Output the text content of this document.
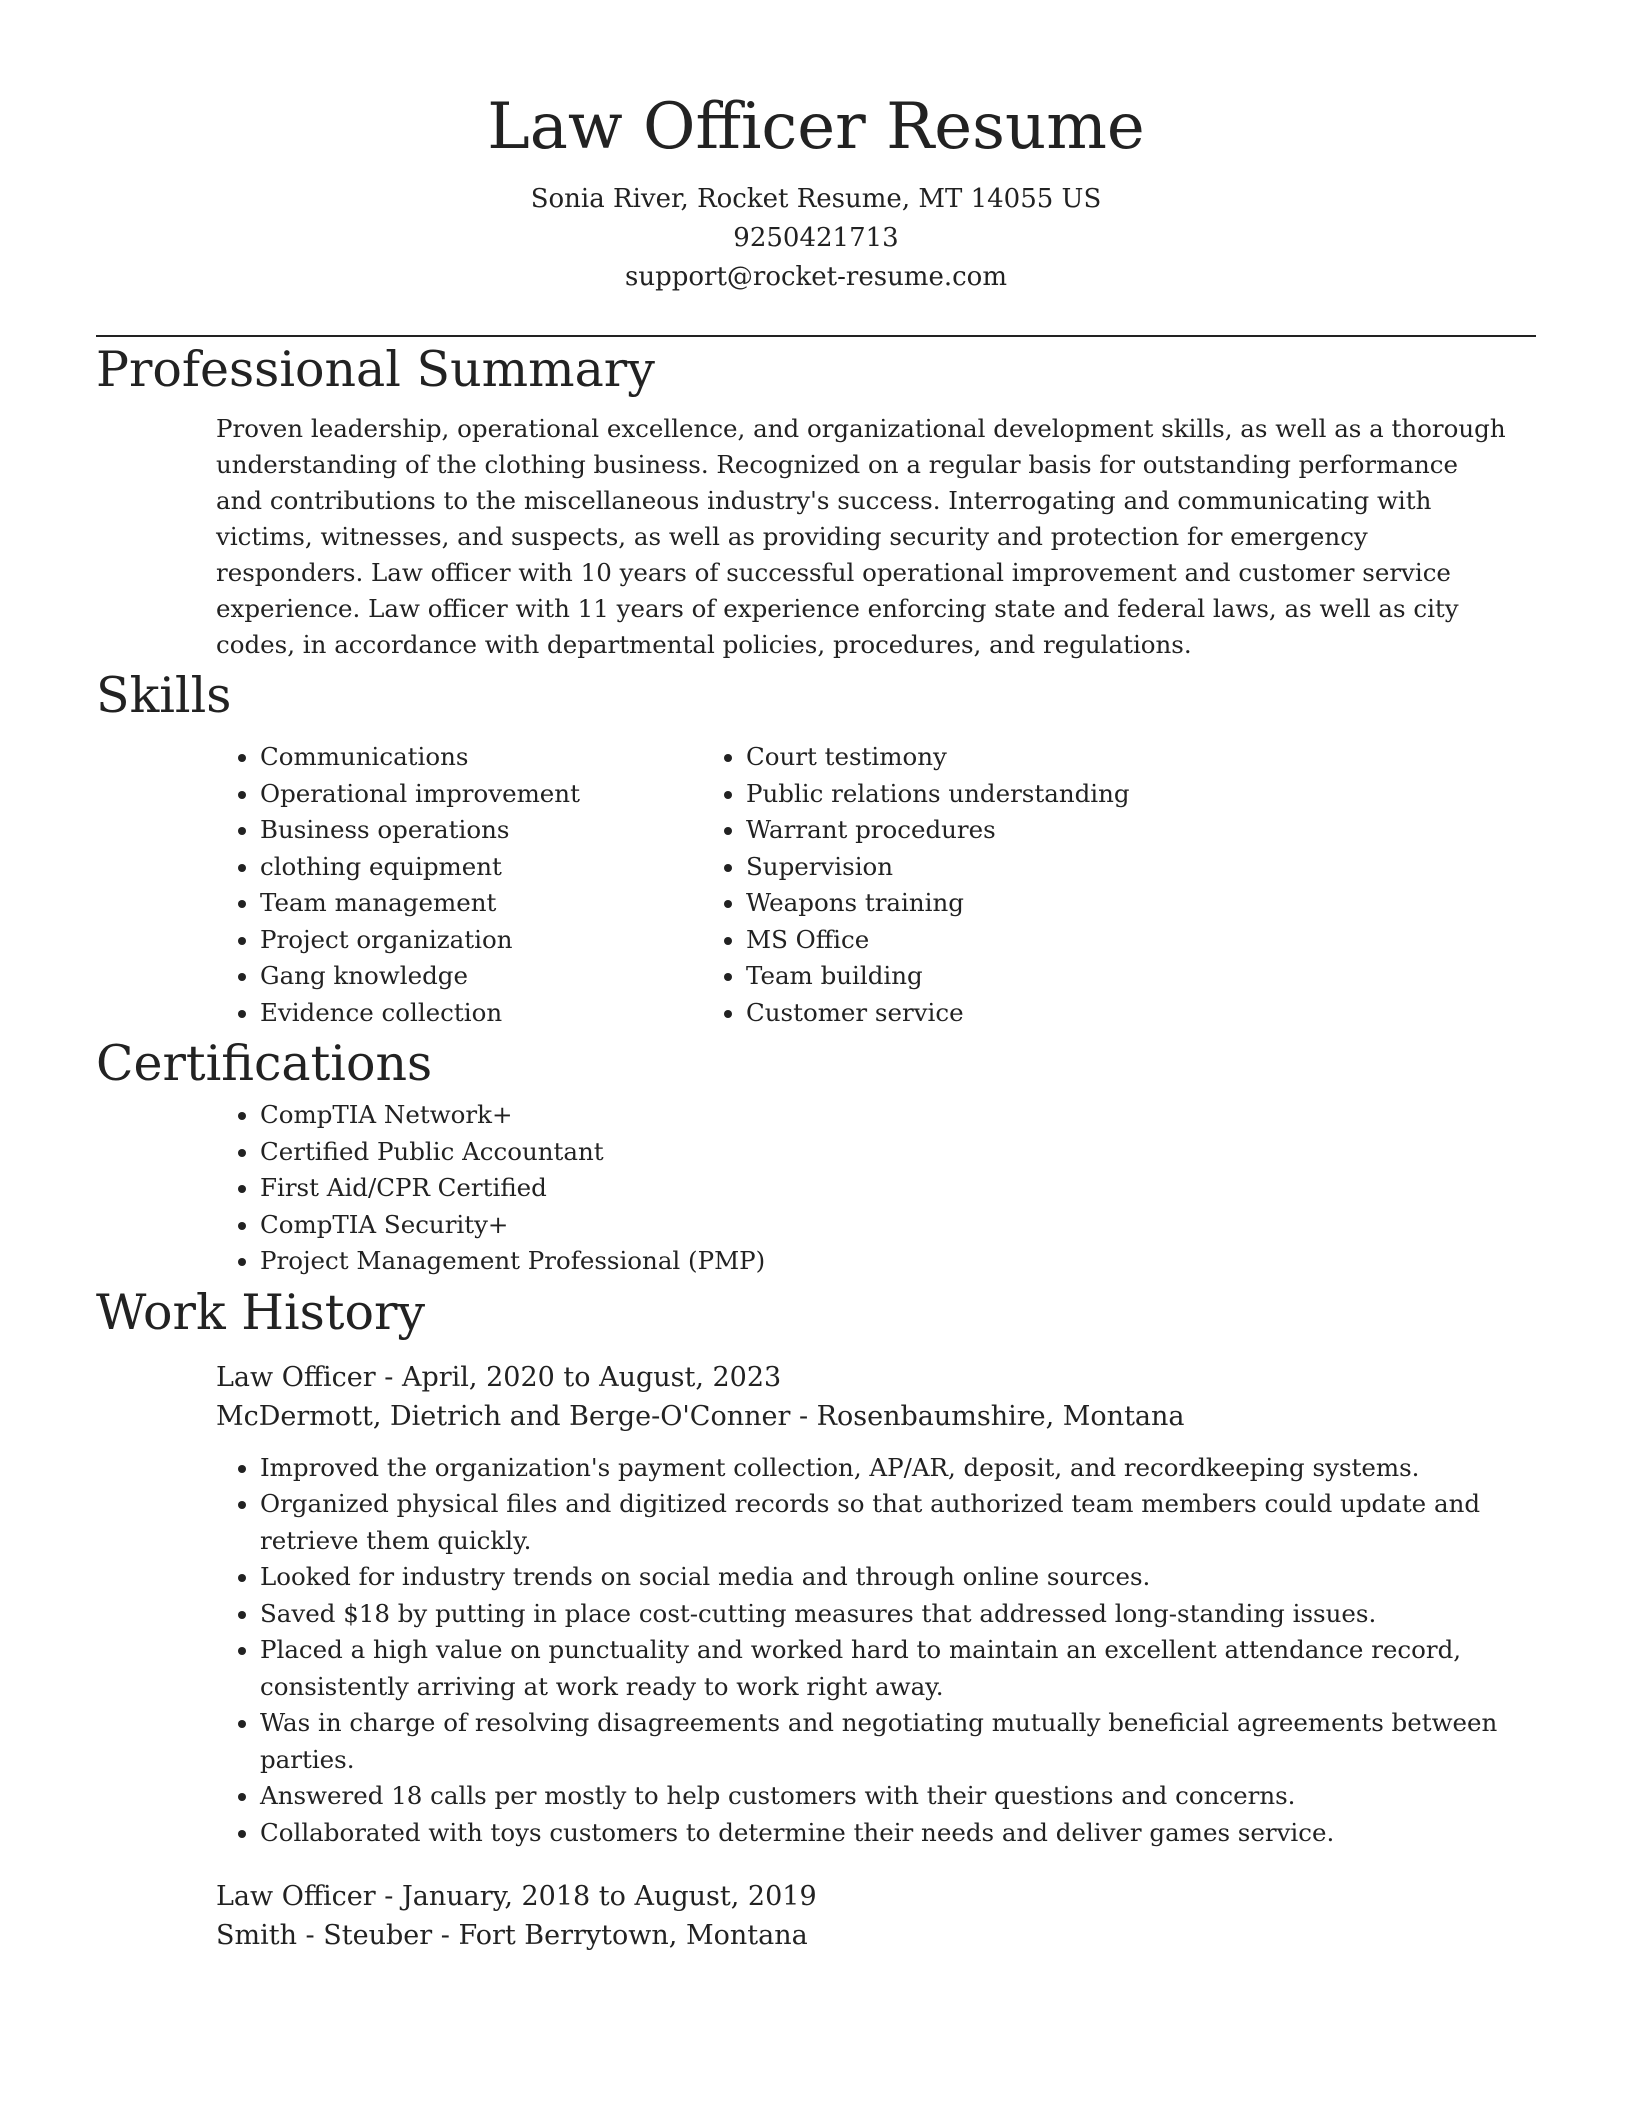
Law Officer Resume
Sonia River, Rocket Resume, MT 14055 US
9250421713
support@rocket-resume.com
Professional Summary

Proven leadership, operational excellence, and organizational development skills, as well as a thorough understanding of the clothing business. Recognized on a regular basis for outstanding performance and contributions to the miscellaneous industry's success. Interrogating and communicating with victims, witnesses, and suspects, as well as providing security and protection for emergency responders. Law officer with 10 years of successful operational improvement and customer service experience. Law officer with 11 years of experience enforcing state and federal laws, as well as city codes, in accordance with departmental policies, procedures, and regulations.

Skills
• Communications
• Operational improvement
• Business operations
• clothing equipment
• Team management
• Project organization
• Gang knowledge
• Evidence collection
• Court testimony
• Public relations understanding
• Warrant procedures
• Supervision
• Weapons training
• MS Office
• Team building
• Customer service
Certifications
• CompTIA Network+
• Certified Public Accountant
• First Aid/CPR Certified
• CompTIA Security+
• Project Management Professional (PMP)
Work History
Law Officer - April, 2020 to August, 2023
McDermott, Dietrich and Berge-O'Conner - Rosenbaumshire, Montana
• Improved the organization's payment collection, AP/AR, deposit, and recordkeeping systems.
• Organized physical files and digitized records so that authorized team members could update and retrieve them quickly.
• Looked for industry trends on social media and through online sources.
• Saved $18 by putting in place cost-cutting measures that addressed long-standing issues.
• Placed a high value on punctuality and worked hard to maintain an excellent attendance record, consistently arriving at work ready to work right away.
• Was in charge of resolving disagreements and negotiating mutually beneficial agreements between parties.
• Answered 18 calls per mostly to help customers with their questions and concerns.
• Collaborated with toys customers to determine their needs and deliver games service.
Law Officer - January, 2018 to August, 2019
Smith - Steuber - Fort Berrytown, Montana
